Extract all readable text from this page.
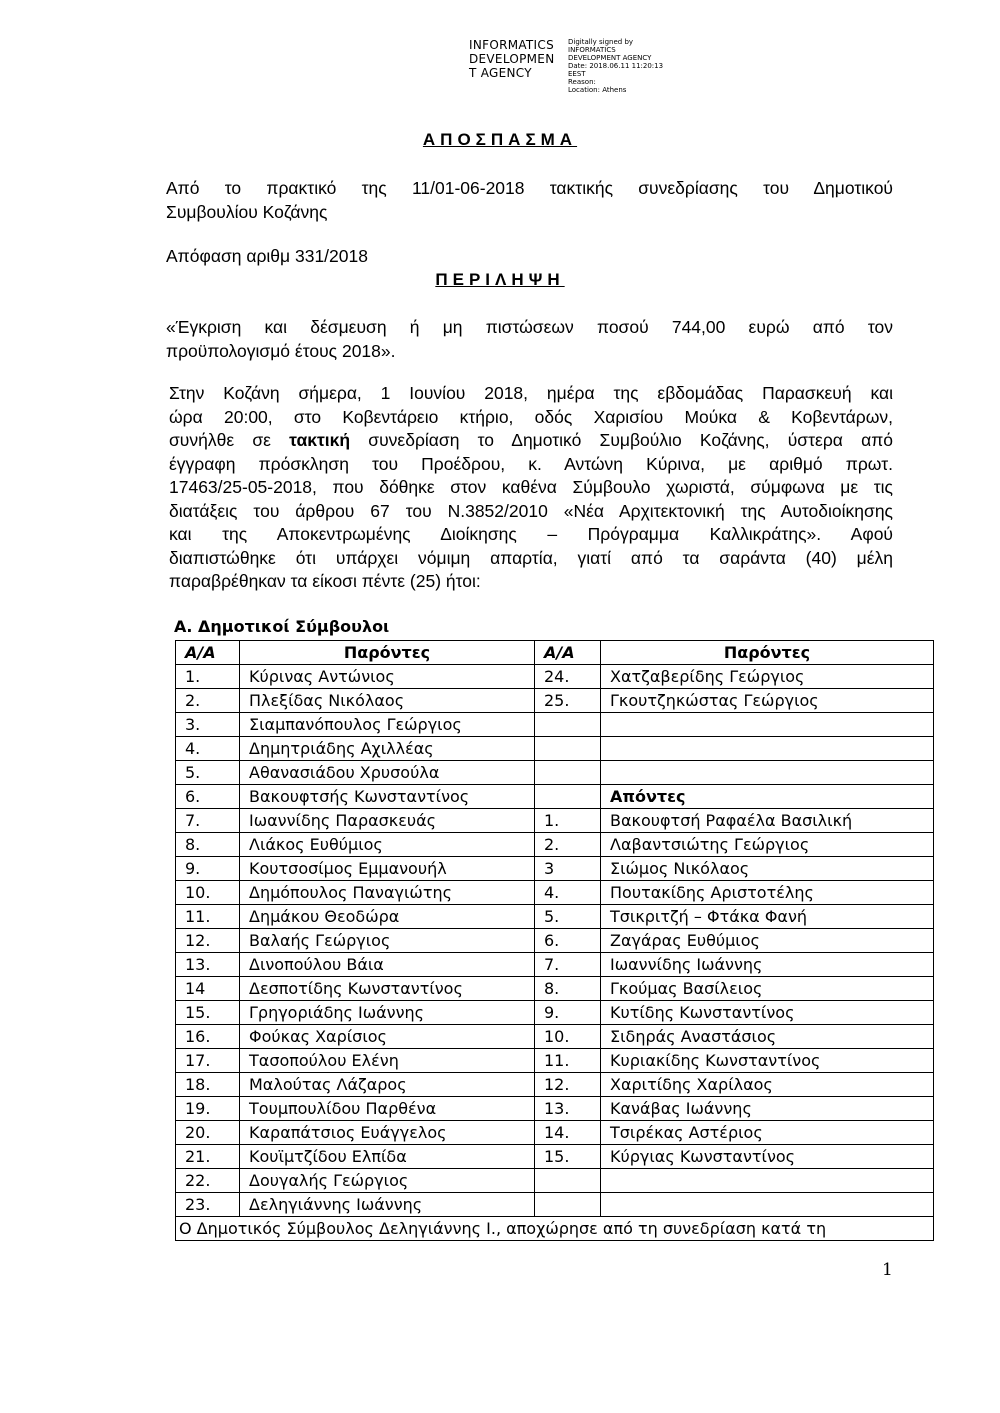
INFORMATICS
DEVELOPMEN
T AGENCY
Digitally signed by
INFORMATICS
DEVELOPMENT AGENCY
Date: 2018.06.11 11:20:13
EEST
Reason:
Location: Athens
ΑΠΟΣΠΑΣΜΑ
Από το πρακτικό της 11/01-06-2018 τακτικής συνεδρίασης του Δημοτικού
Συμβουλίου Κοζάνης
Απόφαση αριθμ 331/2018
ΠΕΡΙΛΗΨΗ
«Έγκριση και δέσμευση ή μη πιστώσεων ποσού 744,00 ευρώ από τον
προϋπολογισμό έτους 2018».
Στην Κοζάνη σήμερα, 1 Ιουνίου 2018, ημέρα της εβδομάδας Παρασκευή και
ώρα 20:00, στο Κοβεντάρειο κτήριο, οδός Χαρισίου Μούκα & Κοβεντάρων,
συνήλθε σε τακτική συνεδρίαση το Δημοτικό Συμβούλιο Κοζάνης, ύστερα από
έγγραφη πρόσκληση του Προέδρου, κ. Αντώνη Κύρινα, με αριθμό πρωτ.
17463/25-05-2018, που δόθηκε στον καθένα Σύμβουλο χωριστά, σύμφωνα με τις
διατάξεις του άρθρου 67 του Ν.3852/2010 «Νέα Αρχιτεκτονική της Αυτοδιοίκησης
και της Αποκεντρωμένης Διοίκησης – Πρόγραμμα Καλλικράτης». Αφού
διαπιστώθηκε ότι υπάρχει νόμιμη απαρτία, γιατί από τα σαράντα (40) μέλη
παραβρέθηκαν τα είκοσι πέντε (25) ήτοι:
Α. Δημοτικοί Σύμβουλοι
Α/Α	Παρόντες	Α/Α	Παρόντες
1.	Κύρινας Αντώνιος	24.	Χατζαβερίδης Γεώργιος
2.	Πλεξίδας Νικόλαος	25.	Γκουτζηκώστας Γεώργιος
3.	Σιαμπανόπουλος Γεώργιος		
4.	Δημητριάδης Αχιλλέας		
5.	Αθανασιάδου Χρυσούλα		
6.	Βακουφτσής Κωνσταντίνος		Απόντες
7.	Ιωαννίδης Παρασκευάς	1.	Βακουφτσή Ραφαέλα Βασιλική
8.	Λιάκος Ευθύμιος	2.	Λαβαντσιώτης Γεώργιος
9.	Κουτσοσίμος Εμμανουήλ	3	Σιώμος Νικόλαος
10.	Δημόπουλος Παναγιώτης	4.	Πουτακίδης Αριστοτέλης
11.	Δημάκου Θεοδώρα	5.	Τσικριτζή – Φτάκα Φανή
12.	Βαλαής Γεώργιος	6.	Ζαγάρας Ευθύμιος
13.	Δινοπούλου Βάια	7.	Ιωαννίδης Ιωάννης
14	Δεσποτίδης Κωνσταντίνος	8.	Γκούμας Βασίλειος
15.	Γρηγοριάδης Ιωάννης	9.	Κυτίδης Κωνσταντίνος
16.	Φούκας Χαρίσιος	10.	Σιδηράς Αναστάσιος
17.	Τασοπούλου Ελένη	11.	Κυριακίδης Κωνσταντίνος
18.	Μαλούτας Λάζαρος	12.	Χαριτίδης Χαρίλαος
19.	Τουμπουλίδου Παρθένα	13.	Κανάβας Ιωάννης
20.	Καραπάτσιος Ευάγγελος	14.	Τσιρέκας Αστέριος
21.	Κουϊμτζίδου Ελπίδα	15.	Κύργιας Κωνσταντίνος
22.	Δουγαλής Γεώργιος		
23.	Δεληγιάννης Ιωάννης		
Ο Δημοτικός Σύμβουλος Δεληγιάννης Ι., αποχώρησε από τη συνεδρίαση κατά τη			
1
